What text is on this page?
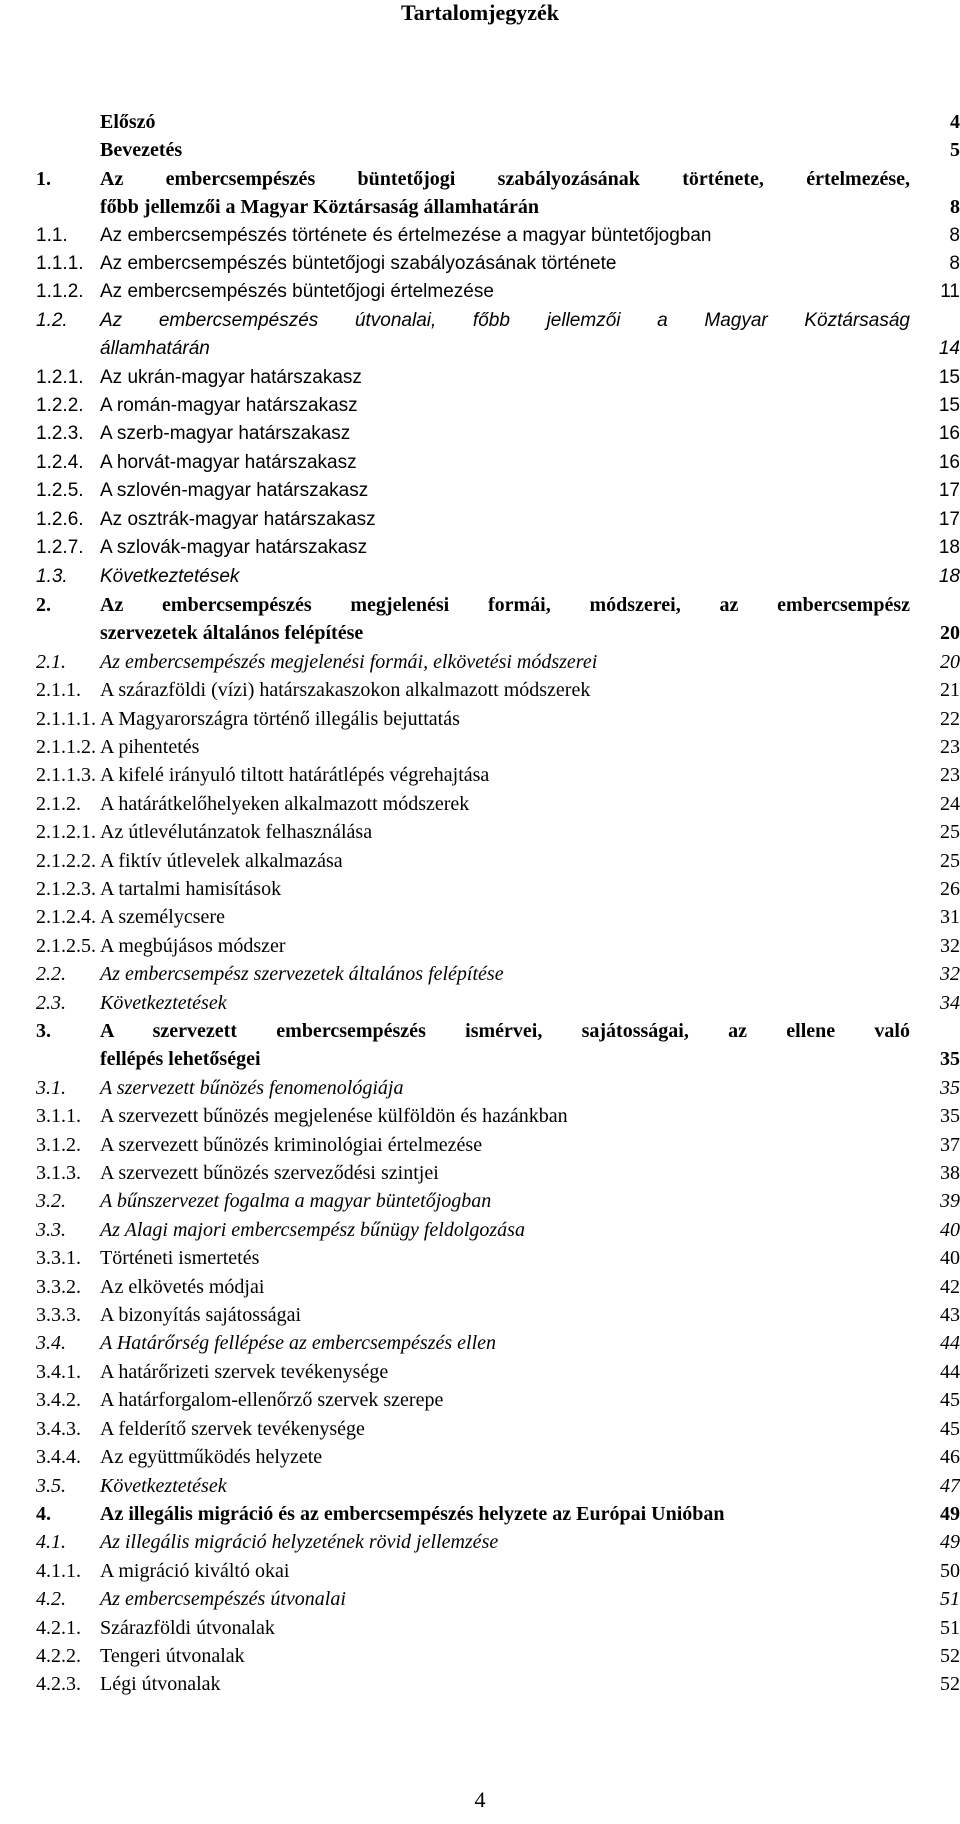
Tartalomjegyzék
Előszó	4
Bevezetés	5
1. Az embercsempészés büntetőjogi szabályozásának története, értelmezése,
főbb jellemzői a Magyar Köztársaság államhatárán	8
1.1. Az embercsempészés története és értelmezése a magyar büntetőjogban	8
1.1.1. Az embercsempészés büntetőjogi szabályozásának története	8
1.1.2. Az embercsempészés büntetőjogi értelmezése	11
1.2. Az embercsempészés útvonalai, főbb jellemzői a Magyar Köztársaság
államhatárán	14
1.2.1. Az ukrán-magyar határszakasz	15
1.2.2. A román-magyar határszakasz	15
1.2.3. A szerb-magyar határszakasz	16
1.2.4. A horvát-magyar határszakasz	16
1.2.5. A szlovén-magyar határszakasz	17
1.2.6. Az osztrák-magyar határszakasz	17
1.2.7. A szlovák-magyar határszakasz	18
1.3. Következtetések	18
2. Az embercsempészés megjelenési formái, módszerei, az embercsempész
szervezetek általános felépítése	20
2.1. Az embercsempészés megjelenési formái, elkövetési módszerei	20
2.1.1. A szárazföldi (vízi) határszakaszokon alkalmazott módszerek	21
2.1.1.1. A Magyarországra történő illegális bejuttatás	22
2.1.1.2. A pihentetés	23
2.1.1.3. A kifelé irányuló tiltott határátlépés végrehajtása	23
2.1.2. A határátkelőhelyeken alkalmazott módszerek	24
2.1.2.1. Az útlevélutánzatok felhasználása	25
2.1.2.2. A fiktív útlevelek alkalmazása	25
2.1.2.3. A tartalmi hamisítások	26
2.1.2.4. A személycsere	31
2.1.2.5. A megbújásos módszer	32
2.2. Az embercsempész szervezetek általános felépítése	32
2.3. Következtetések	34
3. A szervezett embercsempészés ismérvei, sajátosságai, az ellene való
fellépés lehetőségei	35
3.1. A szervezett bűnözés fenomenológiája	35
3.1.1. A szervezett bűnözés megjelenése külföldön és hazánkban	35
3.1.2. A szervezett bűnözés kriminológiai értelmezése	37
3.1.3. A szervezett bűnözés szerveződési szintjei	38
3.2. A bűnszervezet fogalma a magyar büntetőjogban	39
3.3. Az Alagi majori embercsempész bűnügy feldolgozása	40
3.3.1. Történeti ismertetés	40
3.3.2. Az elkövetés módjai	42
3.3.3. A bizonyítás sajátosságai	43
3.4. A Határőrség fellépése az embercsempészés ellen	44
3.4.1. A határőrizeti szervek tevékenysége	44
3.4.2. A határforgalom-ellenőrző szervek szerepe	45
3.4.3. A felderítő szervek tevékenysége	45
3.4.4. Az együttműködés helyzete	46
3.5. Következtetések	47
4. Az illegális migráció és az embercsempészés helyzete az Európai Unióban	49
4.1. Az illegális migráció helyzetének rövid jellemzése	49
4.1.1. A migráció kiváltó okai	50
4.2. Az embercsempészés útvonalai	51
4.2.1. Szárazföldi útvonalak	51
4.2.2. Tengeri útvonalak	52
4.2.3. Légi útvonalak	52
4
